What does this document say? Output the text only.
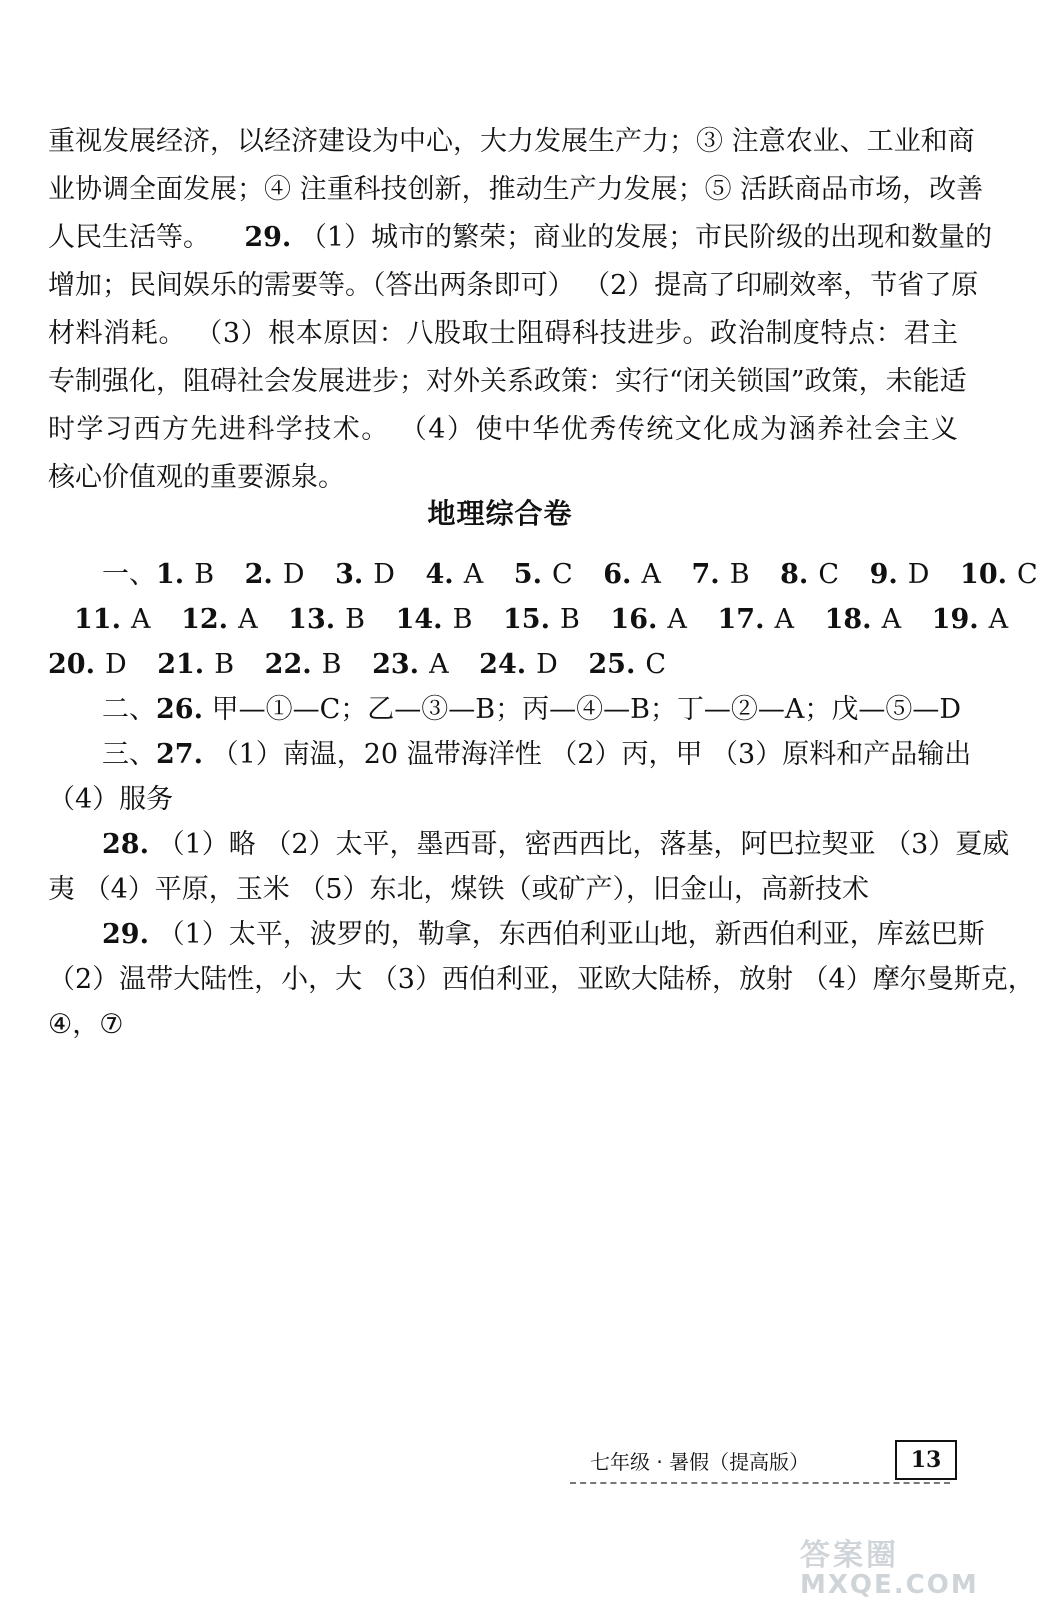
重视发展经济，以经济建设为中心，大力发展生产力；③ 注意农业、工业和商
业协调全面发展；④ 注重科技创新，推动生产力发展；⑤ 活跃商品市场，改善
人民生活等。 29. （1）城市的繁荣；商业的发展；市民阶级的出现和数量的
增加；民间娱乐的需要等。（答出两条即可） （2）提高了印刷效率，节省了原
材料消耗。 （3）根本原因：八股取士阻碍科技进步。政治制度特点：君主
专制强化，阻碍社会发展进步；对外关系政策：实行“闭关锁国”政策，未能适
时学习西方先进科学技术。 （4）使中华优秀传统文化成为涵养社会主义
核心价值观的重要源泉。
地理综合卷
一、1. B 2. D 3. D 4. A 5. C 6. A 7. B 8. C 9. D 10. C
11. A 12. A 13. B 14. B 15. B 16. A 17. A 18. A 19. A
20. D 21. B 22. B 23. A 24. D 25. C
二、26. 甲—①—C；乙—③—B；丙—④—B；丁—②—A；戊—⑤—D
三、27. （1）南温，20 温带海洋性 （2）丙，甲 （3）原料和产品输出
（4）服务
28. （1）略 （2）太平，墨西哥，密西西比，落基，阿巴拉契亚 （3）夏威
夷 （4）平原，玉米 （5）东北，煤铁（或矿产），旧金山，高新技术
29. （1）太平，波罗的，勒拿，东西伯利亚山地，新西伯利亚，库兹巴斯
（2）温带大陆性，小，大 （3）西伯利亚，亚欧大陆桥，放射 （4）摩尔曼斯克，
④，⑦
七年级 · 暑假（提高版）	13
答案圈
MXQE.COM
